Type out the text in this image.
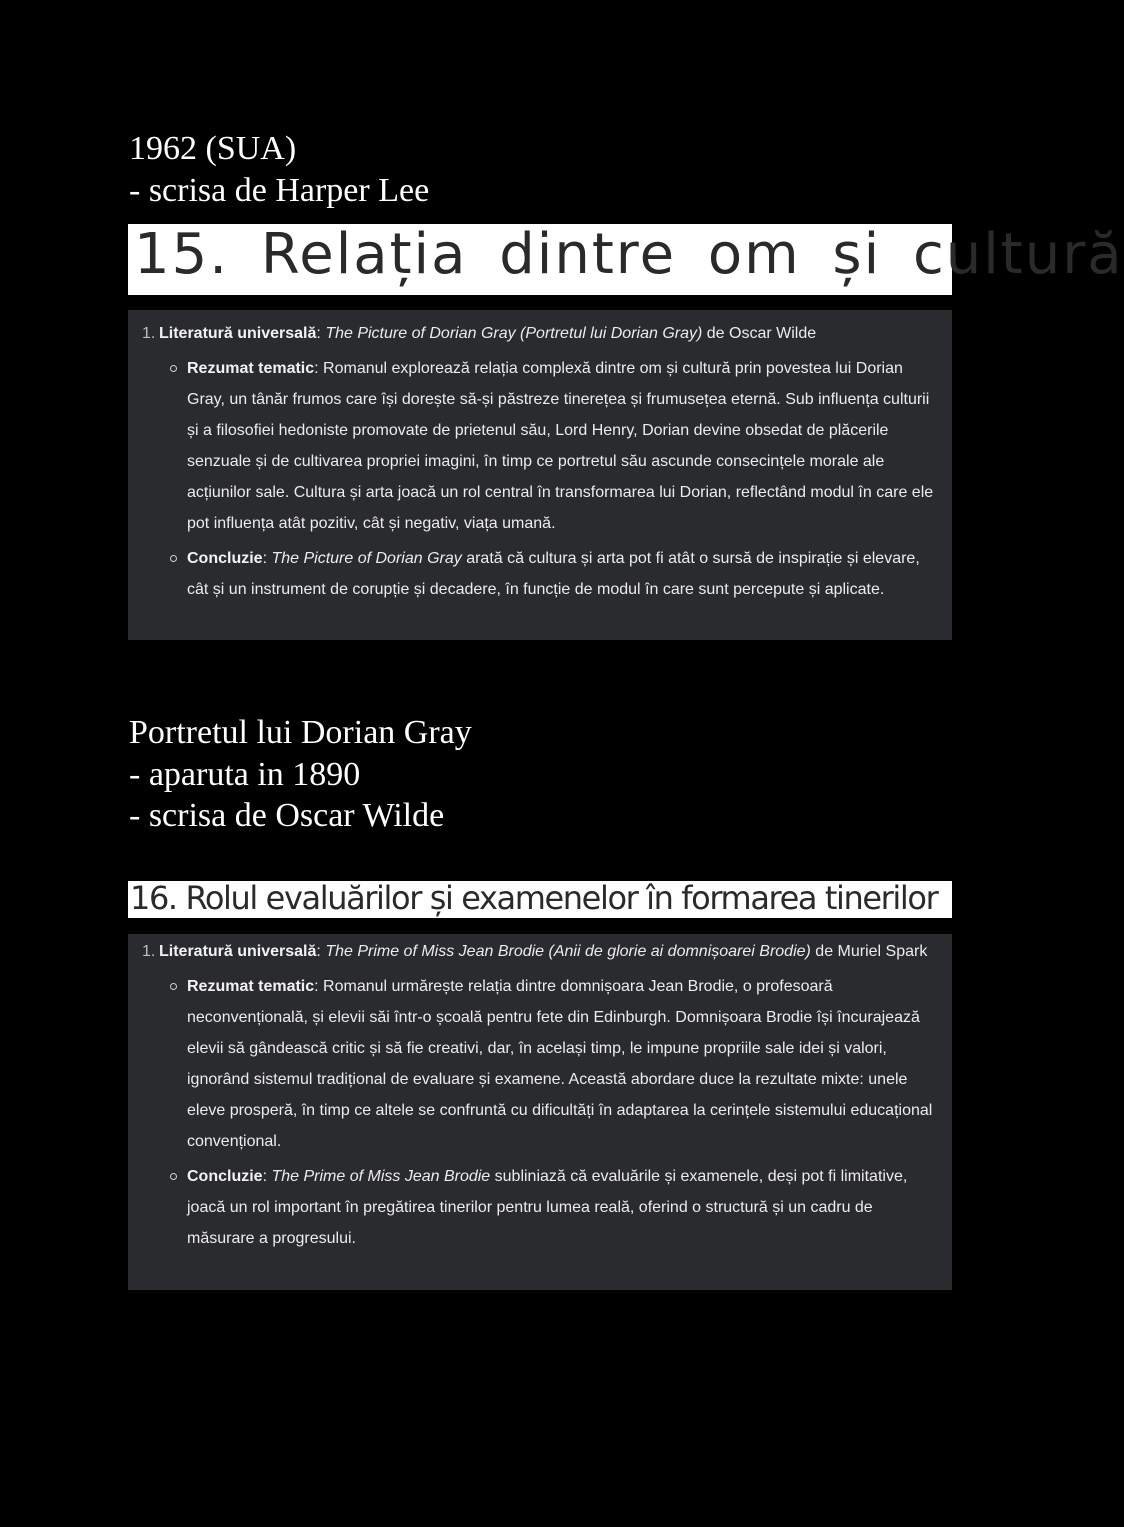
1962 (SUA)
- scrisa de Harper Lee
15. Relația dintre om și cultură
1. Literatură universală: The Picture of Dorian Gray (Portretul lui Dorian Gray) de Oscar Wilde
Rezumat tematic: Romanul explorează relația complexă dintre om și cultură prin povestea lui Dorian Gray, un tânăr frumos care își dorește să-și păstreze tinerețea și frumusețea eternă. Sub influența culturii și a filosofiei hedoniste promovate de prietenul său, Lord Henry, Dorian devine obsedat de plăcerile senzuale și de cultivarea propriei imagini, în timp ce portretul său ascunde consecințele morale ale acțiunilor sale. Cultura și arta joacă un rol central în transformarea lui Dorian, reflectând modul în care ele pot influența atât pozitiv, cât și negativ, viața umană.
Concluzie: The Picture of Dorian Gray arată că cultura și arta pot fi atât o sursă de inspirație și elevare, cât și un instrument de corupție și decadere, în funcție de modul în care sunt percepute și aplicate.
Portretul lui Dorian Gray
- aparuta in 1890
- scrisa de Oscar Wilde
16. Rolul evaluărilor și examenelor în formarea tinerilor
1. Literatură universală: The Prime of Miss Jean Brodie (Anii de glorie ai domnișoarei Brodie) de Muriel Spark
Rezumat tematic: Romanul urmărește relația dintre domnișoara Jean Brodie, o profesoară neconvențională, și elevii săi într-o școală pentru fete din Edinburgh. Domnișoara Brodie își încurajează elevii să gândească critic și să fie creativi, dar, în același timp, le impune propriile sale idei și valori, ignorând sistemul tradițional de evaluare și examene. Această abordare duce la rezultate mixte: unele eleve prosperă, în timp ce altele se confruntă cu dificultăți în adaptarea la cerințele sistemului educațional convențional.
Concluzie: The Prime of Miss Jean Brodie subliniază că evaluările și examenele, deși pot fi limitative, joacă un rol important în pregătirea tinerilor pentru lumea reală, oferind o structură și un cadru de măsurare a progresului.
